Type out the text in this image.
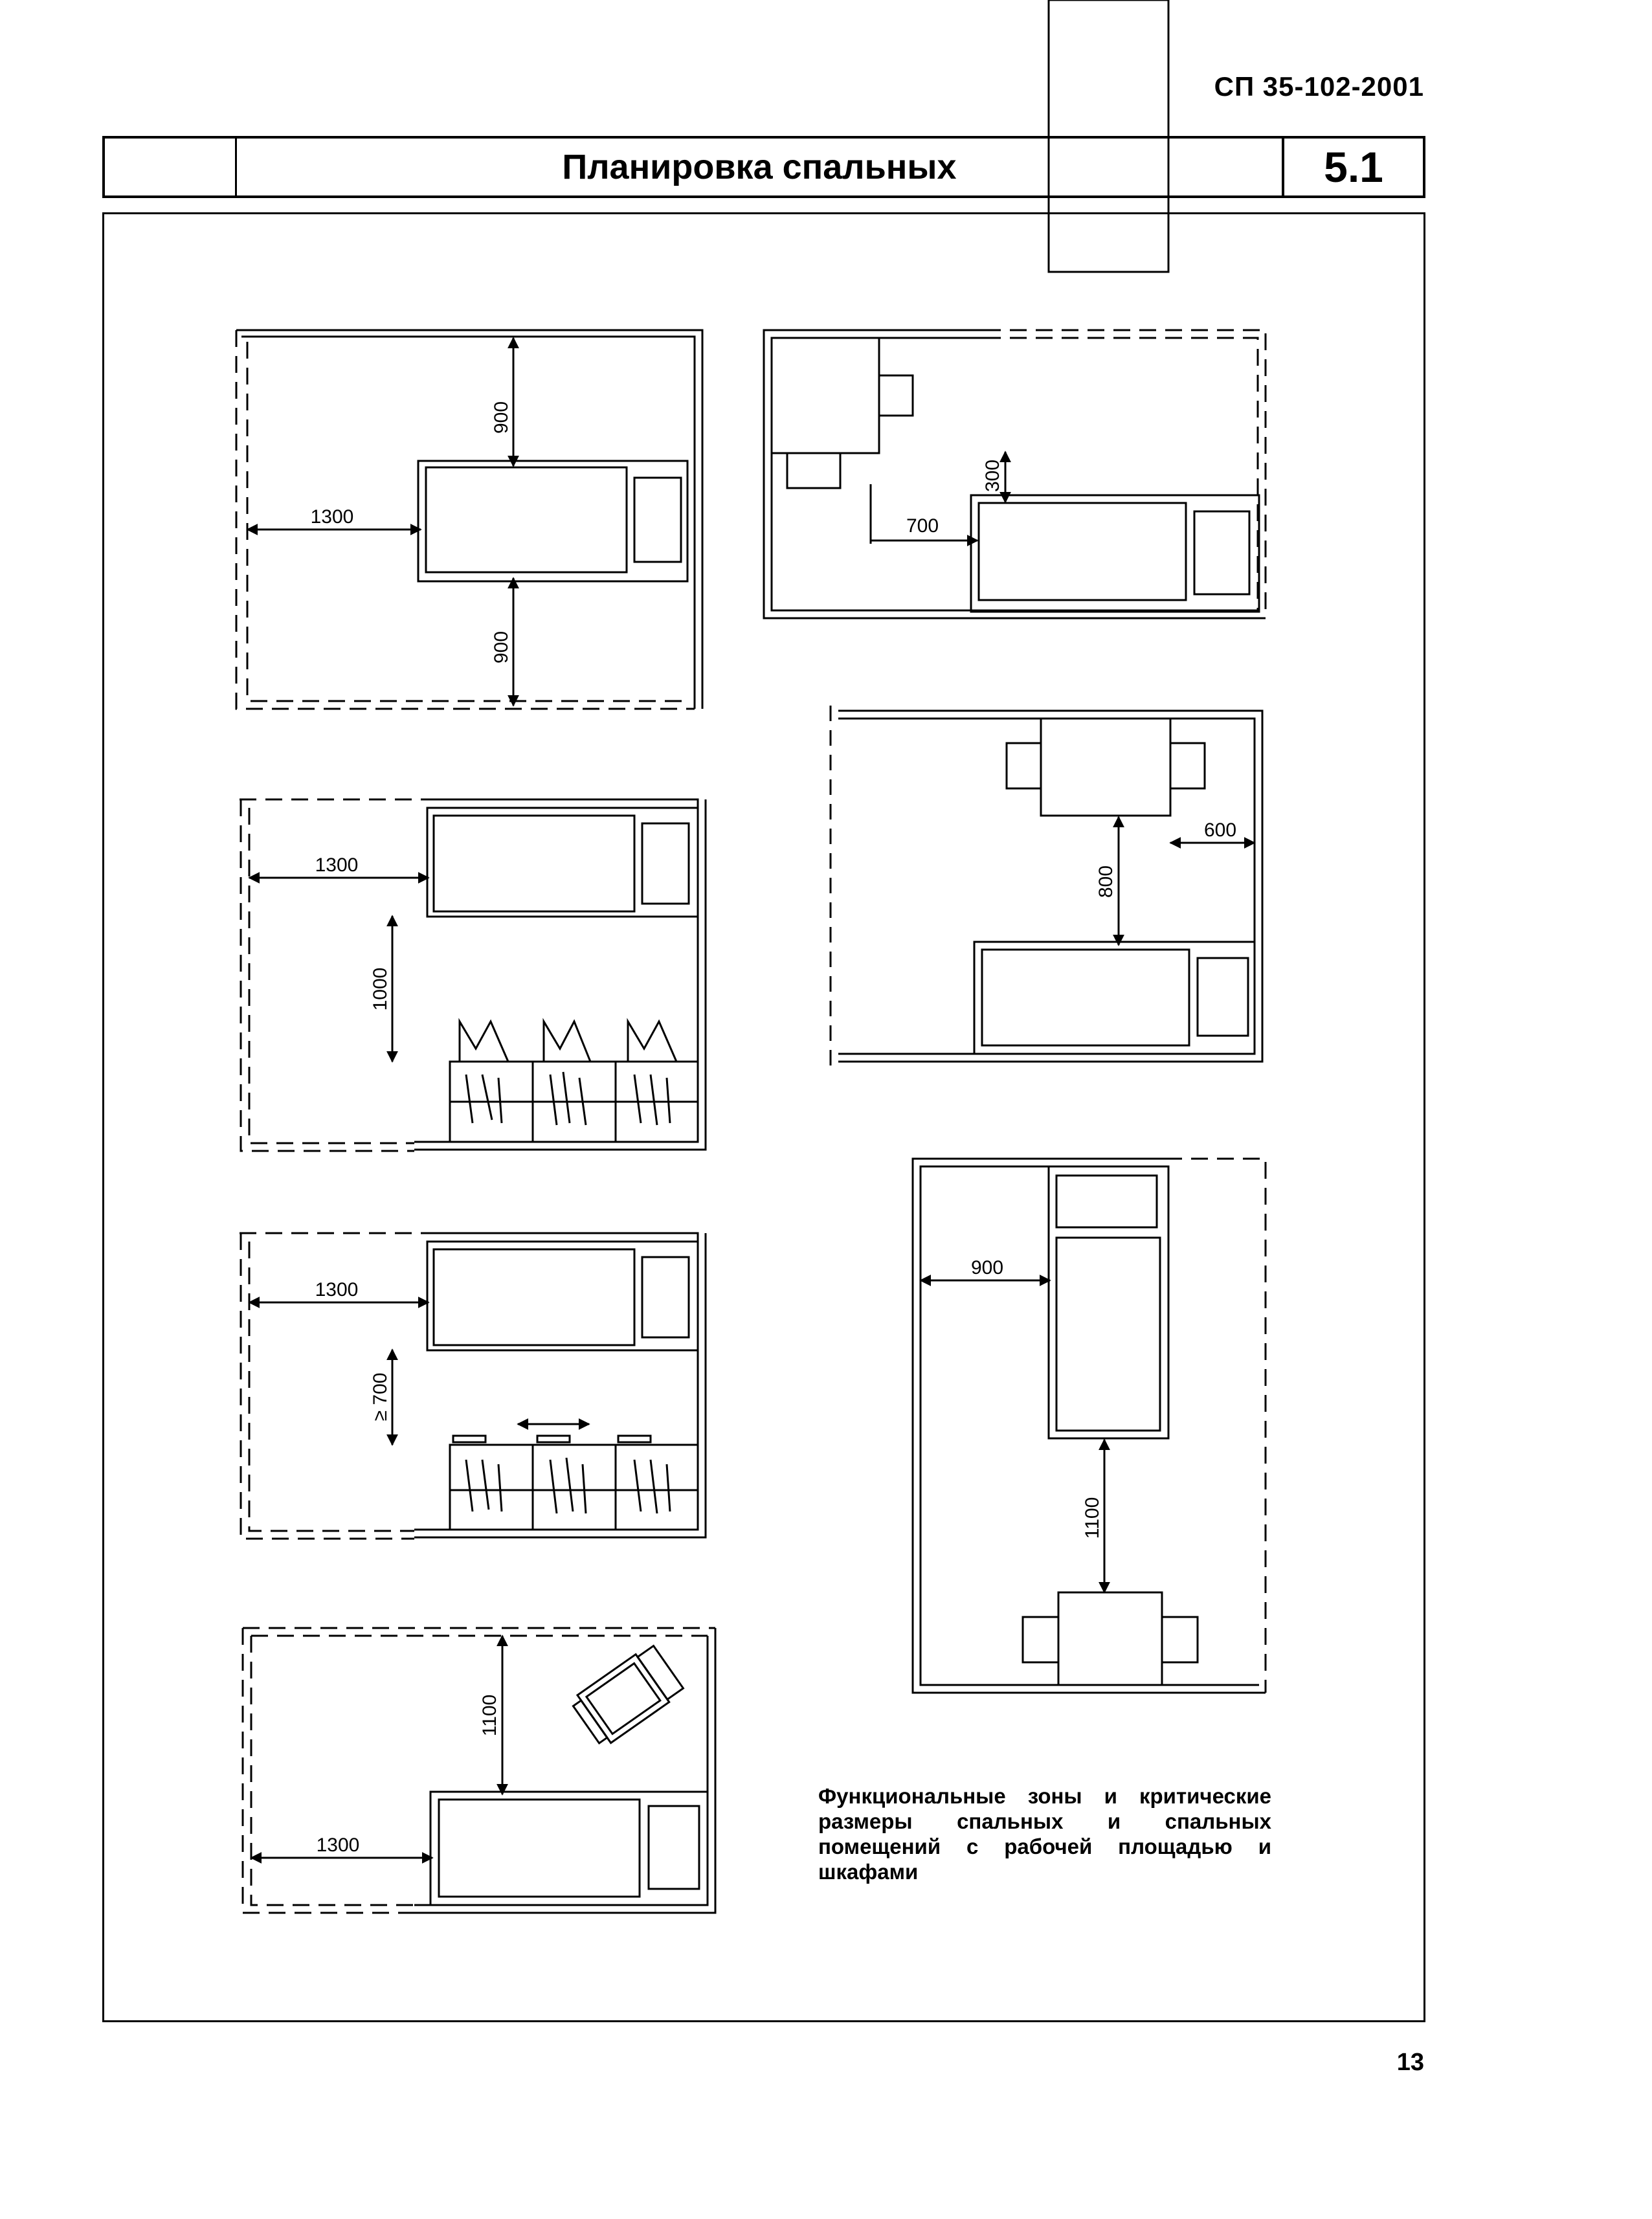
СП 35-102-2001
Планировка спальных	5.1
900
1300
900
300
700
1300
1000
600
800
1300
≥ 700
900
1100
1100
1300
Функциональные зоны и критические размеры спальных и спальных помещений с рабочей площадью и шкафами
13
